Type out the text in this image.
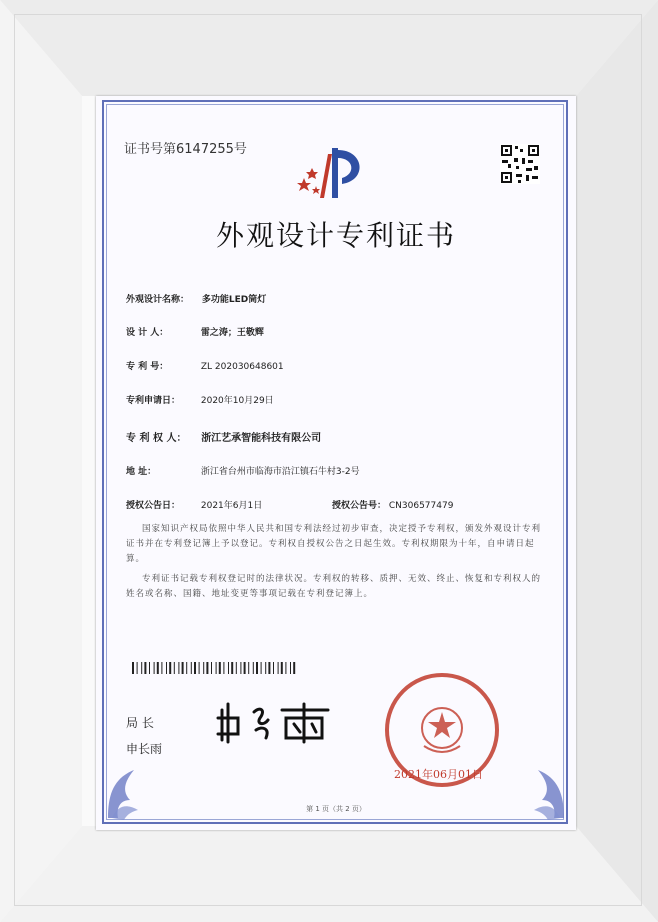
证书号第6147255号
外观设计专利证书
外观设计名称： 多功能LED筒灯
设 计 人：	雷之涛；王敬辉
专 利 号：	ZL 202030648601
专利申请日： 2020年10月29日
专 利 权 人： 浙江艺承智能科技有限公司
地 址：	浙江省台州市临海市沿江镇石牛村3-2号
授权公告日： 2021年6月1日	授权公告号： CN306577479
国家知识产权局依照中华人民共和国专利法经过初步审查，决定授予专利权，颁发外观设计专利证书并在专利登记簿上予以登记。专利权自授权公告之日起生效。专利权期限为十年，自申请日起算。
专利证书记载专利权登记时的法律状况。专利权的转移、质押、无效、终止、恢复和专利权人的姓名或名称、国籍、地址变更等事项记载在专利登记簿上。
局 长
申长雨
2021年06月01日
第 1 页（共 2 页）
